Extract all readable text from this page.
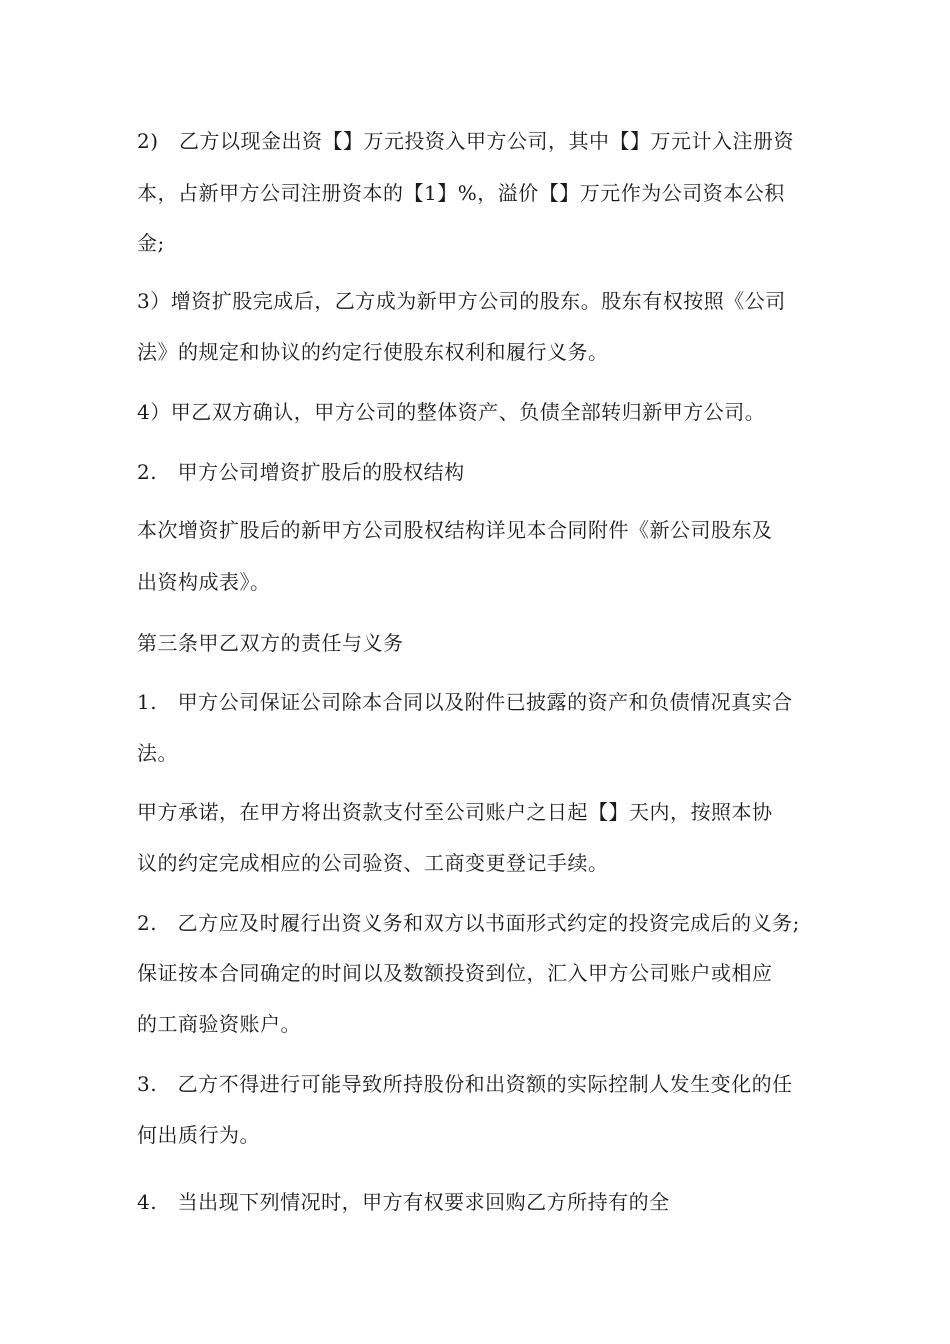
2)　乙方以现金出资【】万元投资入甲方公司，其中【】万元计入注册资
本，占新甲方公司注册资本的【1】%，溢价【】万元作为公司资本公积
金;
3）增资扩股完成后，乙方成为新甲方公司的股东。股东有权按照《公司
法》的规定和协议的约定行使股东权利和履行义务。
4）甲乙双方确认，甲方公司的整体资产、负债全部转归新甲方公司。
2.　甲方公司增资扩股后的股权结构
本次增资扩股后的新甲方公司股权结构详见本合同附件《新公司股东及
出资构成表》。
第三条甲乙双方的责任与义务
1.　甲方公司保证公司除本合同以及附件已披露的资产和负债情况真实合
法。
甲方承诺，在甲方将出资款支付至公司账户之日起【】天内，按照本协
议的约定完成相应的公司验资、工商变更登记手续。
2.　乙方应及时履行出资义务和双方以书面形式约定的投资完成后的义务;
保证按本合同确定的时间以及数额投资到位，汇入甲方公司账户或相应
的工商验资账户。
3.　乙方不得进行可能导致所持股份和出资额的实际控制人发生变化的任
何出质行为。
4.　当出现下列情况时，甲方有权要求回购乙方所持有的全
